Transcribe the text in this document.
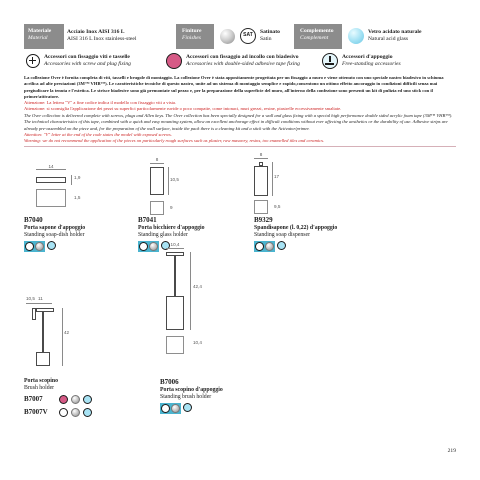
Materiale
Material
Acciaio Inox AISI 316 L
AISI 316 L Inox stainless-steel
Finiture
Finishes	SAT	Satinato
Satin
Complemento
Complement
Vetro acidato naturale
Natural acid glass
Accessori con fissaggio viti e tasselle
Accessories with screw and plug fixing
Accessori con fissaggio ad incollo con biadesivo
Accessories with double-sided adhesive tape fixing
Accessori d'appoggio
Free-standing accessories
La collezione Over è fornita completa di viti, tasselli e brugole di montaggio. La collezione Over è stata appositamente progettata per un fissaggio a muro e viene ottenuto con uno speciale nastro biadesivo in schiuma acrilica ad alte prestazioni (3M™ VHB™). Le caratteristiche tecniche di questo nastro, unite ad un sistema di montaggio semplice e rapido,consentono un ottimo effetto ancoraggio in condizioni difficili senza mai pregiudicare la tenuta e l'estetica. Le strisce biadesive sono già premontate sul pezzo e, per la preparazione della superficie del muro, all'interno della confezione sono presenti un kit di pulizia ed uno stick con il primer/attivatore.
Attenzione: La lettera "V" a fine codice indica il modello con fissaggio viti a vista.
Attenzione: si sconsiglia l'applicazione dei pezzi su superfici particolarmente ruvide o poco compatte, come intonaci, muri grezzi, resine, piastrelle eccessivamente smaltate.
The Over collection is delivered complete with screws, plugs and Allen keys. The Over collection has been specially designed for a wall and glass fixing with a special high performance double sided acrylic foam tape (3M™ VHB™). The technical characteristics of this tape, combined with a quick and easy mounting system, allow an excellent anchorage effect in difficult conditions without ever affecting the aesthetics or the durability of use. Adhesive strips are already pre-assembled on the piece and, for the preparation of the wall surface, inside the pack there is a cleaning kit and a stick with the Activator/primer.
Attention: "V" letter at the end of the code states the model with exposed screws.
Warning: we do not recommend the application of the pieces on particularly rough surfaces such as plaster, raw masonry, resins, too enamelled tiles and ceramics.
14
1,9
1,5
8
10,5
9
8
17
9,5
B7040
Porta sapone d'appoggio
Standing soap-dish holder
B7041
Porta bicchiere d'appoggio
Standing glass holder
B9329
Spandisapone (l. 0,22) d'appoggio
Standing soap dispenser
10,5 11
42
10,4
42,4
10,4
Porta scopino
Brush holder
B7007
B7007V
B7006
Porta scopino d'appoggio
Standing brush holder
219
